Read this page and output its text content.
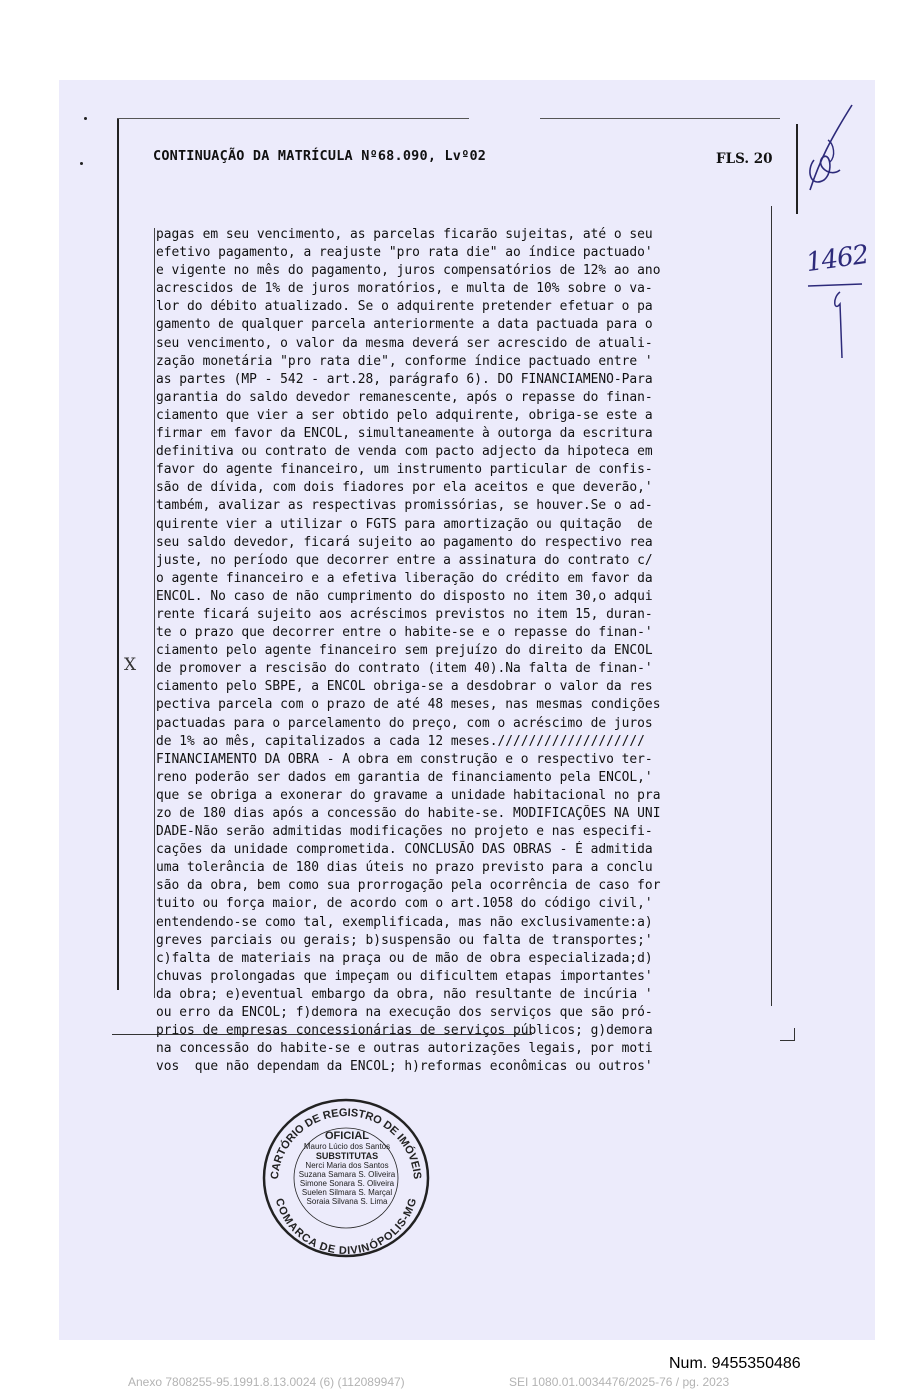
CONTINUAÇÃO DA MATRÍCULA Nº68.090, Lvº02	FLS. 20
pagas em seu vencimento, as parcelas ficarão sujeitas, até o seu
efetivo pagamento, a reajuste "pro rata die" ao índice pactuado'
e vigente no mês do pagamento, juros compensatórios de 12% ao ano
acrescidos de 1% de juros moratórios, e multa de 10% sobre o va-
lor do débito atualizado. Se o adquirente pretender efetuar o pa
gamento de qualquer parcela anteriormente a data pactuada para o
seu vencimento, o valor da mesma deverá ser acrescido de atuali-
zação monetária "pro rata die", conforme índice pactuado entre '
as partes (MP - 542 - art.28, parágrafo 6). DO FINANCIAMENO-Para
garantia do saldo devedor remanescente, após o repasse do finan-
ciamento que vier a ser obtido pelo adquirente, obriga-se este a
firmar em favor da ENCOL, simultaneamente à outorga da escritura
definitiva ou contrato de venda com pacto adjecto da hipoteca em
favor do agente financeiro, um instrumento particular de confis-
são de dívida, com dois fiadores por ela aceitos e que deverão,'
também, avalizar as respectivas promissórias, se houver.Se o ad-
quirente vier a utilizar o FGTS para amortização ou quitação  de
seu saldo devedor, ficará sujeito ao pagamento do respectivo rea
juste, no período que decorrer entre a assinatura do contrato c/
o agente financeiro e a efetiva liberação do crédito em favor da
ENCOL. No caso de não cumprimento do disposto no item 30,o adqui
rente ficará sujeito aos acréscimos previstos no item 15, duran-
te o prazo que decorrer entre o habite-se e o repasse do finan-'
ciamento pelo agente financeiro sem prejuízo do direito da ENCOL
de promover a rescisão do contrato (item 40).Na falta de finan-'
ciamento pelo SBPE, a ENCOL obriga-se a desdobrar o valor da res
pectiva parcela com o prazo de até 48 meses, nas mesmas condições
pactuadas para o parcelamento do preço, com o acréscimo de juros
de 1% ao mês, capitalizados a cada 12 meses.///////////////////
FINANCIAMENTO DA OBRA - A obra em construção e o respectivo ter-
reno poderão ser dados em garantia de financiamento pela ENCOL,'
que se obriga a exonerar do gravame a unidade habitacional no pra
zo de 180 dias após a concessão do habite-se. MODIFICAÇÕES NA UNI
DADE-Não serão admitidas modificações no projeto e nas especifi-
cações da unidade comprometida. CONCLUSÃO DAS OBRAS - É admitida
uma tolerância de 180 dias úteis no prazo previsto para a conclu
são da obra, bem como sua prorrogação pela ocorrência de caso for
tuito ou força maior, de acordo com o art.1058 do código civil,'
entendendo-se como tal, exemplificada, mas não exclusivamente:a)
greves parciais ou gerais; b)suspensão ou falta de transportes;'
c)falta de materiais na praça ou de mão de obra especializada;d)
chuvas prolongadas que impeçam ou dificultem etapas importantes'
da obra; e)eventual embargo da obra, não resultante de incúria '
ou erro da ENCOL; f)demora na execução dos serviços que são pró-
prios de empresas concessionárias de serviços públicos; g)demora
na concessão do habite-se e outras autorizações legais, por moti
vos  que não dependam da ENCOL; h)reformas econômicas ou outros'
1462
X
CARTÓRIO DE REGISTRO DE IMÓVEIS
COMARCA DE DIVINÓPOLIS-MG
OFICIAL
Mauro Lúcio dos Santos
SUBSTITUTAS
Nerci Maria dos Santos
Suzana Samara S. Oliveira
Simone Sonara S. Oliveira
Suelen Silmara S. Marçal
Soraia Silvana S. Lima
Num. 9455350486
Anexo 7808255-95.1991.8.13.0024 (6) (112089947)	SEI 1080.01.0034476/2025-76 / pg. 2023
